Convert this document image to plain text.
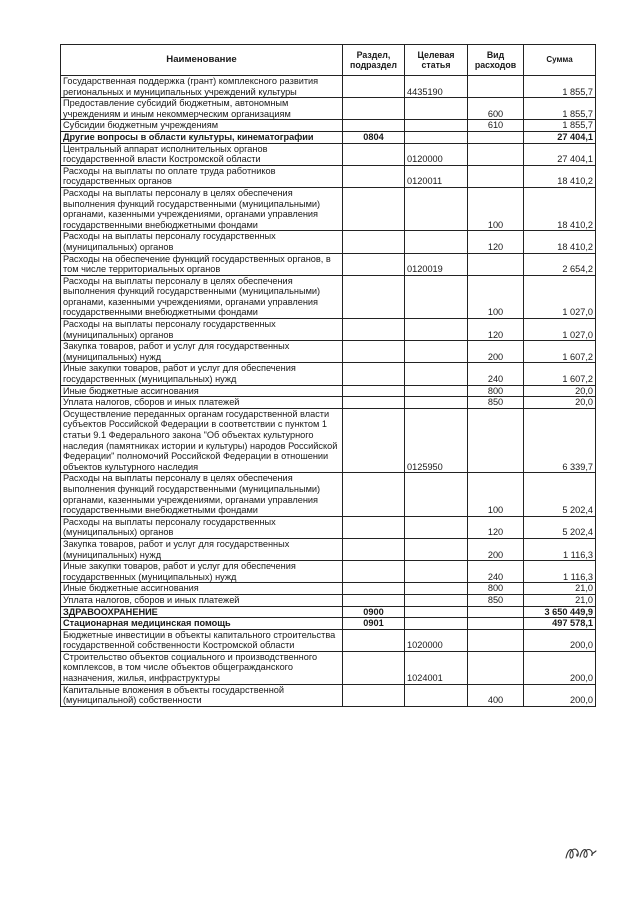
Наименование	Раздел, подраздел	Целевая статья	Вид расходов	Сумма
Государственная поддержка (грант) комплексного развития региональных и муниципальных учреждений культуры		4435190		1 855,7
Предоставление субсидий бюджетным, автономным учреждениям и иным некоммерческим организациям			600	1 855,7
Субсидии бюджетным учреждениям			610	1 855,7
Другие вопросы в области культуры, кинематографии	0804			27 404,1
Центральный аппарат исполнительных органов государственной власти Костромской области		0120000		27 404,1
Расходы на выплаты по оплате труда работников государственных органов		0120011		18 410,2
Расходы на выплаты персоналу в целях обеспечения выполнения функций государственными (муниципальными) органами, казенными учреждениями, органами управления государственными внебюджетными фондами			100	18 410,2
Расходы на выплаты персоналу государственных (муниципальных) органов			120	18 410,2
Расходы на обеспечение функций государственных органов, в том числе территориальных органов		0120019		2 654,2
Расходы на выплаты персоналу в целях обеспечения выполнения функций государственными (муниципальными) органами, казенными учреждениями, органами управления государственными внебюджетными фондами			100	1 027,0
Расходы на выплаты персоналу государственных (муниципальных) органов			120	1 027,0
Закупка товаров, работ и услуг для государственных (муниципальных) нужд			200	1 607,2
Иные закупки товаров, работ и услуг для обеспечения государственных (муниципальных) нужд			240	1 607,2
Иные бюджетные ассигнования			800	20,0
Уплата налогов, сборов и иных платежей			850	20,0
Осуществление переданных органам государственной власти субъектов Российской Федерации в соответствии с пунктом 1 статьи 9.1 Федерального закона "Об объектах культурного наследия (памятниках истории и культуры) народов Российской Федерации" полномочий Российской Федерации в отношении объектов культурного наследия		0125950		6 339,7
Расходы на выплаты персоналу в целях обеспечения выполнения функций государственными (муниципальными) органами, казенными учреждениями, органами управления государственными внебюджетными фондами			100	5 202,4
Расходы на выплаты персоналу государственных (муниципальных) органов			120	5 202,4
Закупка товаров, работ и услуг для государственных (муниципальных) нужд			200	1 116,3
Иные закупки товаров, работ и услуг для обеспечения государственных (муниципальных) нужд			240	1 116,3
Иные бюджетные ассигнования			800	21,0
Уплата налогов, сборов и иных платежей			850	21,0
ЗДРАВООХРАНЕНИЕ	0900			3 650 449,9
Стационарная медицинская помощь	0901			497 578,1
Бюджетные инвестиции в объекты капитального строительства государственной собственности Костромской области		1020000		200,0
Строительство объектов социального и производственного комплексов, в том числе объектов общегражданского назначения, жилья, инфраструктуры		1024001		200,0
Капитальные вложения в объекты государственной (муниципальной) собственности			400	200,0
